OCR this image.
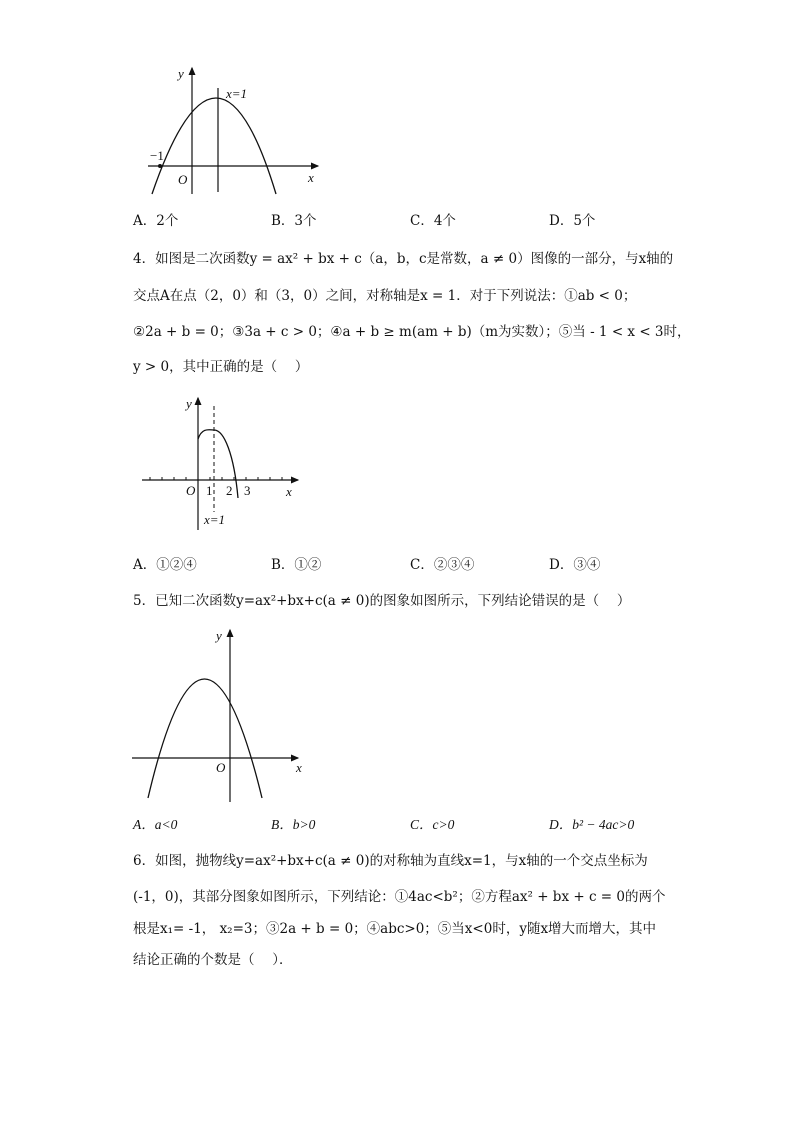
y
x
O
−1
x=1
A．2个	B．3个	C．4个	D．5个
4．如图是二次函数y = ax² + bx + c（a，b，c是常数，a ≠ 0）图像的一部分，与x轴的
交点A在点（2，0）和（3，0）之间，对称轴是x = 1．对于下列说法：①ab < 0；
②2a + b = 0；③3a + c > 0；④a + b ≥ m(am + b)（m为实数）；⑤当 - 1 < x < 3时，
y > 0，其中正确的是（　 ）
y
x
O 1 2 3
x=1
A．①②④	B．①②	C．②③④	D．③④
5．已知二次函数y=ax²+bx+c(a ≠ 0)的图象如图所示，下列结论错误的是（　 ）
y
x
O
A．a<0	B．b>0	C．c>0	D．b² − 4ac>0
6．如图，抛物线y=ax²+bx+c(a ≠ 0)的对称轴为直线x=1，与x轴的一个交点坐标为
(-1，0)，其部分图象如图所示，下列结论：①4ac<b²；②方程ax² + bx + c = 0的两个
根是x₁= -1， x₂=3；③2a + b = 0；④abc>0；⑤当x<0时，y随x增大而增大，其中
结论正确的个数是（　 ）．
